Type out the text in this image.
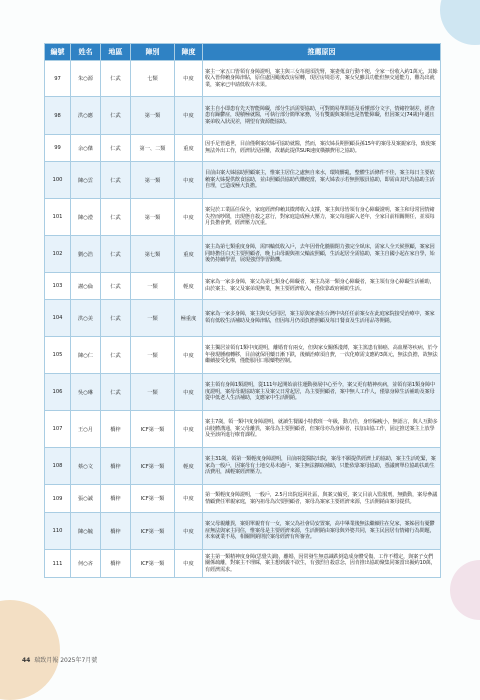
編號	姓名	地區	障別	障度	推薦原因
97	朱○源	仁武	七類	中度	案主一家五口皆領有身障證明，案主與三女每週須洗腎，案妻蒐食行動不便，全家一份收入約1萬元，其餘收入皆仰賴身障津貼，原住處因颱後改房屋轉，現居房境惡劣，案女兒雖具功能但無交通能力，難為出就業，案家已申請低收卉未果。
98	洪○應	仁武	第一類	中度	案主自小即患有先天智能障礙，部分生活需要協助，可對簡易單問語及看懂部分文字，情緒控制差，經查患有躁鬱症，現積極就醫，可執行部分簡單家務，另有雙親與案姐也是智能障礙，但因案父(74歲)年邁且案弟收入狀況差，期望有資源能協助。
99	余○傑	仁武	第一、二類	重度	因手足皆過世，目前僅剩案次姊可協助就醫，然而，案次姊長期照顧長孫15年的案母及案親家母，致使案無法外出工作，經濟狀況困難，故藉此提供SUR速度橫擴費用之協助。
100	陳○雲	仁武	第一類	中度	目前由案大姊協助照顧案主，惟案主居住之處無自來水，環境髒亂，整體生活條件不佳，案主每日主要依賴案大姊提供飲食協助，並由照顧員協助代購便當，案大姊表示若無照服員協助，即需由其代為協助主活自理，已造成極大負擔。
101	陳○瀅	仁武	第一類	中度	案兒於工業區任保全，家庭經濟仰賴其微薄收入支撐，案主與母皆領有身心障礙證明，案主和母常因情緒失控而吵鬧，出現態自殺之意行，對家庭造成極大壓力，案父每週薪入老年，全家目前相關開任，並須每月負擔會費，經濟壓力沉重。
102	劉○浩	仁武	第七類	重度	案主為第七類重度身障，需四輪低收入戶，去年因骨化髓腸閉力強完全臥床，需家人全天候照顧，案家因同時擔任白天主要照顧者，晚上由母親與祖父輪流照顧，生活起居全需協助，案主自國小起在家自學，始後仍持續學習，展現強烈學習動機。
103	謝○倫	仁武	一類	輕度	案家為一家多身障，案父為第七類身心障礙者，案主為第一類身心障礙者，案主領有身心障礙生活補助，由於案主、案父及案弟現無業，無主要經濟收入，僅依靠政府補助生活。
104	洪○美	仁武	一類	極重度	案家為一家多身障，案主與女兒同居，案主原與家妻在台灣中央任任前案女在此庭家院接受治療中，案家領有低收生活補助及身障津貼，但因每月仍須負擔照顧及每日餐食及生活用品等開銷。
105	陳○仁	仁武	一類	中度	案主獨居並領有1類中度證明，離婚育有兩女，但與家女關係淺薄，案主篤患有肺癌、高血壓等疾病，於今年發現腫瘤轉移，目前就保用藥日漸下跌，後續治療須自費，一次化療需支應約3萬元，無法負擔，故無法繼續接受化療，僅能服用口服藥物控制。
106	吳○琳	仁武	一類	中度	案主領有身障1類證明，從111年起開始前往運動發展中心至今，案父更有精神疾病，並領有第1類身障中度證明，案母母親協助案主及案父日常起居，為主要照顧者，案中無人工作人，僅靠身障生活補助及案母從中低老人生活補助，支應家中生活開銷。
107	王○月	橋梓	ICF第一類	中度	案主7歲，領一類中度身障證明，就讀生餐國小特教班一年級，動力佳，身形偏瘦小，無語言，與人互動多由肢體溝通，案父母離異，案母為主要照顧者，但案母亦為身障者，扶加由協工作，固定推送案主上放學及至該所進行療育課程。
108	蔡○文	橋梓	ICF第一類	輕度	案主31歲，領第一類輕度身障證明，目前兩從醫院出院，案母不願提供經濟上的協助，案主生活吃緊，案家為一般戶，因案母有土地交易未過戶，案主無法擴取補助，只能依靠案母協助，憑議實單位協助扶助生活費用，減輕案經濟壓力。
109	張○誠	橋梓	ICF第一類	中度	第一類輕度身障證明，一般戶，2.5月出院返回社區，與案父輪更，案父目前入監服刑，無勤動，案母參議情顧費任單親家庭，案內祖母為次要照顧者，案母為案家主要經濟來源，生活開銷由案母提供。
110	陳○毓	橋梓	ICF第一類	中度	案父母親離異，案姐單親育有一女，案父為社會局安置案，高中畢業後無法繼續往在兒家，案姊因有憂鬱症無法與家主同住，惟案母是主要經濟來源，生活開銷由案母與外婆共同，案主民因居有情緒行為問題，未來就業不易，相關開銷則於案母經濟有所審查。
111	何○吝	橋梓	ICF第一類	中度	案主第一類精神度身障(思覺失調)，離婚，因常發生無意識跌倒造成身體受傷，工作不穩定，與案子女們關係疏離，對案主不理睬，案主想到義不欲生，有強烈自殺意念，因肯推出協助聚集同案當出擬約10萬，有經濟需求。
44 瑞致月報 2025年7月號
